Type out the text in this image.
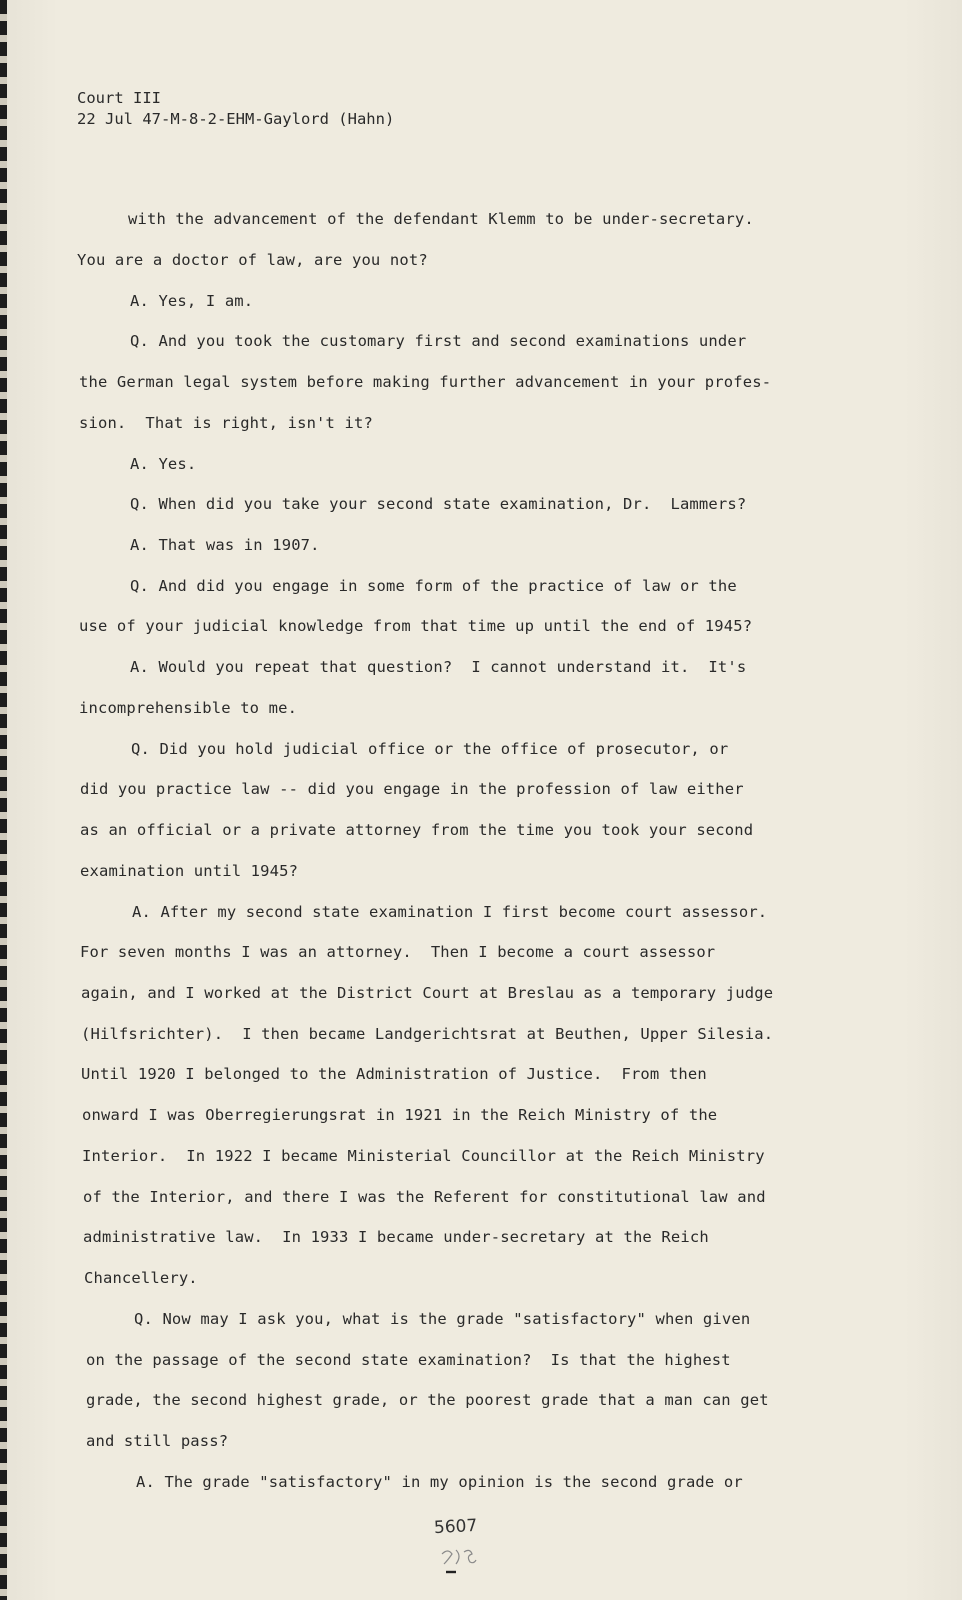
Court III
22 Jul 47-M-8-2-EHM-Gaylord (Hahn)
with the advancement of the defendant Klemm to be under-secretary.
You are a doctor of law, are you not?
A. Yes, I am.
Q. And you took the customary first and second examinations under
the German legal system before making further advancement in your profes-
sion.  That is right, isn't it?
A. Yes.
Q. When did you take your second state examination, Dr.  Lammers?
A. That was in 1907.
Q. And did you engage in some form of the practice of law or the
use of your judicial knowledge from that time up until the end of 1945?
A. Would you repeat that question?  I cannot understand it.  It's
incomprehensible to me.
Q. Did you hold judicial office or the office of prosecutor, or
did you practice law -- did you engage in the profession of law either
as an official or a private attorney from the time you took your second
examination until 1945?
A. After my second state examination I first become court assessor.
For seven months I was an attorney.  Then I become a court assessor
again, and I worked at the District Court at Breslau as a temporary judge
(Hilfsrichter).  I then became Landgerichtsrat at Beuthen, Upper Silesia.
Until 1920 I belonged to the Administration of Justice.  From then
onward I was Oberregierungsrat in 1921 in the Reich Ministry of the
Interior.  In 1922 I became Ministerial Councillor at the Reich Ministry
of the Interior, and there I was the Referent for constitutional law and
administrative law.  In 1933 I became under-secretary at the Reich
Chancellery.
Q. Now may I ask you, what is the grade "satisfactory" when given
on the passage of the second state examination?  Is that the highest
grade, the second highest grade, or the poorest grade that a man can get
and still pass?
A. The grade "satisfactory" in my opinion is the second grade or
5607
